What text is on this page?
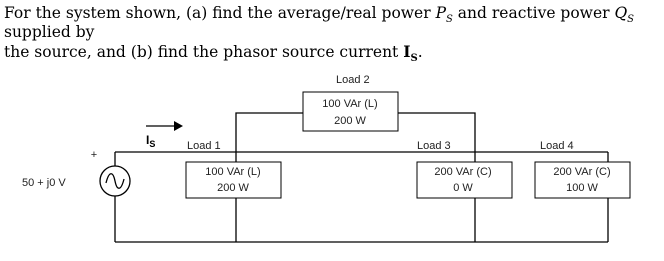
For the system shown, (a) find the average/real power $P_S$ and reactive power $Q_S$ supplied by
the source, and (b) find the phasor source current $I_S$.

+
50 + j0 V
$I_S$
Load 2
100 VAr (L)
200 W
Load 1
100 VAr (L)
200 W
Load 3
200 VAr (C)
0 W
Load 4
200 VAr (C)
100 W
